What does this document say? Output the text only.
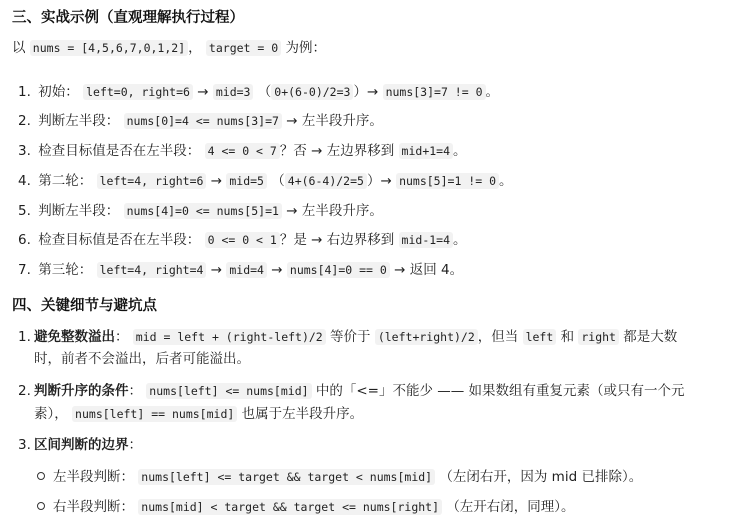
三、实战示例（直观理解执行过程）
以 nums = [4,5,6,7,0,1,2] ， target = 0 为例：
1. 初始： left=0, right=6 → mid=3 （ 0+(6-0)/2=3 ）→ nums[3]=7 != 0 。
2. 判断左半段： nums[0]=4 <= nums[3]=7 → 左半段升序。
3. 检查目标值是否在左半段： 4 <= 0 < 7 ？否 → 左边界移到 mid+1=4 。
4. 第二轮： left=4, right=6 → mid=5 （ 4+(6-4)/2=5 ）→ nums[5]=1 != 0 。
5. 判断左半段： nums[4]=0 <= nums[5]=1 → 左半段升序。
6. 检查目标值是否在左半段： 0 <= 0 < 1 ？是 → 右边界移到 mid-1=4 。
7. 第三轮： left=4, right=4 → mid=4 → nums[4]=0 == 0 → 返回 4。
四、关键细节与避坑点
1. 避免整数溢出： mid = left + (right-left)/2 等价于 (left+right)/2 ，但当 left 和 right 都是大数
时，前者不会溢出，后者可能溢出。
2. 判断升序的条件： nums[left] <= nums[mid] 中的「<=」不能少 —— 如果数组有重复元素（或只有一个元
素）， nums[left] == nums[mid] 也属于左半段升序。
3. 区间判断的边界：
左半段判断： nums[left] <= target && target < nums[mid] （左闭右开，因为 mid 已排除）。
右半段判断： nums[mid] < target && target <= nums[right] （左开右闭，同理）。
